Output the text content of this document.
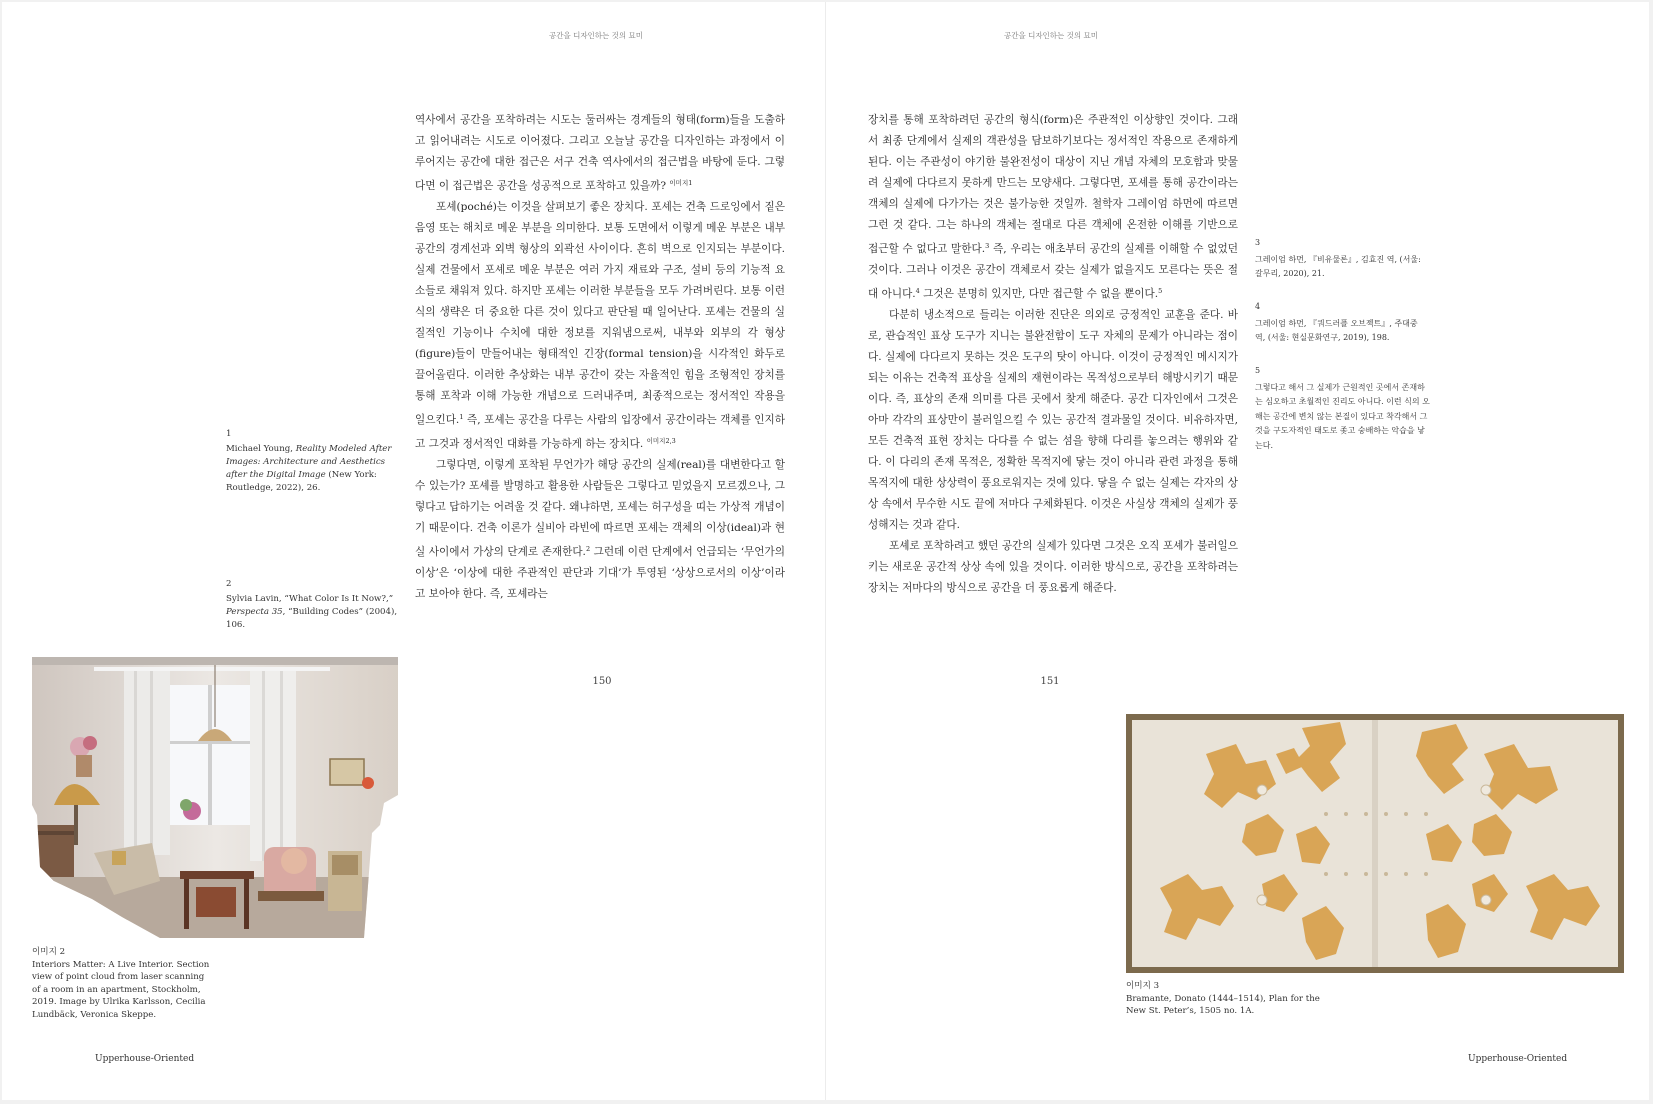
공간을 디자인하는 것의 묘미	공간을 디자인하는 것의 묘미

역사에서 공간을 포착하려는 시도는 둘러싸는 경계들의 형태(form)들을 도출하고 읽어내려는 시도로 이어졌다. 그리고 오늘날 공간을 디자인하는 과정에서 이루어지는 공간에 대한 접근은 서구 건축 역사에서의 접근법을 바탕에 둔다. 그렇다면 이 접근법은 공간을 성공적으로 포착하고 있을까? $^{이미지1}$

포셰(poché)는 이것을 살펴보기 좋은 장치다. 포셰는 건축 드로잉에서 짙은 음영 또는 해치로 메운 부분을 의미한다. 보통 도면에서 이렇게 메운 부분은 내부 공간의 경계선과 외벽 형상의 외곽선 사이이다. 흔히 벽으로 인지되는 부분이다. 실제 건물에서 포셰로 메운 부분은 여러 가지 재료와 구조, 설비 등의 기능적 요소들로 채워져 있다. 하지만 포셰는 이러한 부분들을 모두 가려버린다. 보통 이런 식의 생략은 더 중요한 다른 것이 있다고 판단될 때 일어난다. 포셰는 건물의 실질적인 기능이나 수치에 대한 정보를 지워냄으로써, 내부와 외부의 각 형상(figure)들이 만들어내는 형태적인 긴장(formal tension)을 시각적인 화두로 끌어올린다. 이러한 추상화는 내부 공간이 갖는 자율적인 힘을 조형적인 장치를 통해 포착과 이해 가능한 개념으로 드러내주며, 최종적으로는 정서적인 작용을 일으킨다.$^1$ 즉, 포셰는 공간을 다루는 사람의 입장에서 공간이라는 객체를 인지하고 그것과 정서적인 대화를 가능하게 하는 장치다. $^{이미지2,3}$

그렇다면, 이렇게 포착된 무언가가 해당 공간의 실제(real)를 대변한다고 할 수 있는가? 포셰를 발명하고 활용한 사람들은 그렇다고 믿었을지 모르겠으나, 그렇다고 답하기는 어려울 것 같다. 왜냐하면, 포셰는 허구성을 띠는 가상적 개념이기 때문이다. 건축 이론가 실비아 라빈에 따르면 포셰는 객체의 이상(ideal)과 현실 사이에서 가상의 단계로 존재한다.$^2$ 그런데 이런 단계에서 언급되는 ‘무언가의 이상’은 ‘이상에 대한 주관적인 판단과 기대’가 투영된 ‘상상으로서의 이상’이라고 보아야 한다. 즉, 포셰라는

장치를 통해 포착하려던 공간의 형식(form)은 주관적인 이상향인 것이다. 그래서 최종 단계에서 실제의 객관성을 담보하기보다는 정서적인 작용으로 존재하게 된다. 이는 주관성이 야기한 불완전성이 대상이 지닌 개념 자체의 모호함과 맞물려 실제에 다다르지 못하게 만드는 모양새다. 그렇다면, 포셰를 통해 공간이라는 객체의 실제에 다가가는 것은 불가능한 것일까. 철학자 그레이엄 하먼에 따르면 그런 것 같다. 그는 하나의 객체는 절대로 다른 객체에 온전한 이해를 기반으로 접근할 수 없다고 말한다.$^3$ 즉, 우리는 애초부터 공간의 실제를 이해할 수 없었던 것이다. 그러나 이것은 공간이 객체로서 갖는 실제가 없을지도 모른다는 뜻은 절대 아니다.$^4$ 그것은 분명히 있지만, 다만 접근할 수 없을 뿐이다.$^5$

다분히 냉소적으로 들리는 이러한 진단은 의외로 긍정적인 교훈을 준다. 바로, 관습적인 표상 도구가 지니는 불완전함이 도구 자체의 문제가 아니라는 점이다. 실제에 다다르지 못하는 것은 도구의 탓이 아니다. 이것이 긍정적인 메시지가 되는 이유는 건축적 표상을 실제의 재현이라는 목적성으로부터 해방시키기 때문이다. 즉, 표상의 존재 의미를 다른 곳에서 찾게 해준다. 공간 디자인에서 그것은 아마 각각의 표상만이 불러일으킬 수 있는 공간적 결과물일 것이다. 비유하자면, 모든 건축적 표현 장치는 다다를 수 없는 섬을 향해 다리를 놓으려는 행위와 같다. 이 다리의 존재 목적은, 정확한 목적지에 닿는 것이 아니라 관련 과정을 통해 목적지에 대한 상상력이 풍요로워지는 것에 있다. 닿을 수 없는 실제는 각자의 상상 속에서 무수한 시도 끝에 저마다 구체화된다. 이것은 사실상 객체의 실제가 풍성해지는 것과 같다.

포셰로 포착하려고 했던 공간의 실제가 있다면 그것은 오직 포셰가 불러일으키는 새로운 공간적 상상 속에 있을 것이다. 이러한 방식으로, 공간을 포착하려는 장치는 저마다의 방식으로 공간을 더 풍요롭게 해준다.

1
Michael Young, Reality Modeled After Images: Architecture and Aesthetics after the Digital Image (New York: Routledge, 2022), 26.
2
Sylvia Lavin, “What Color Is It Now?,” Perspecta 35, “Building Codes” (2004), 106.
3
그레이엄 하먼, 『비유물론』, 김효진 역, (서울: 갈무리, 2020), 21.
4
그레이엄 하먼, 『쿼드러플 오브젝트』, 주대중 역, (서울: 현실문화연구, 2019), 198.
5
그렇다고 해서 그 실제가 근원적인 곳에서 존재하는 심오하고 초월적인 진리도 아니다. 이런 식의 오해는 공간에 변치 않는 본질이 있다고 착각해서 그것을 구도자적인 태도로 좇고 숭배하는 악습을 낳는다.
이미지 2
Interiors Matter: A Live Interior. Section view of point cloud from laser scanning of a room in an apartment, Stockholm, 2019. Image by Ulrika Karlsson, Cecilia Lundbäck, Veronica Skeppe.
이미지 3
Bramante, Donato (1444–1514), Plan for the New St. Peter’s, 1505 no. 1A.
150	151
Upperhouse-Oriented	Upperhouse-Oriented
